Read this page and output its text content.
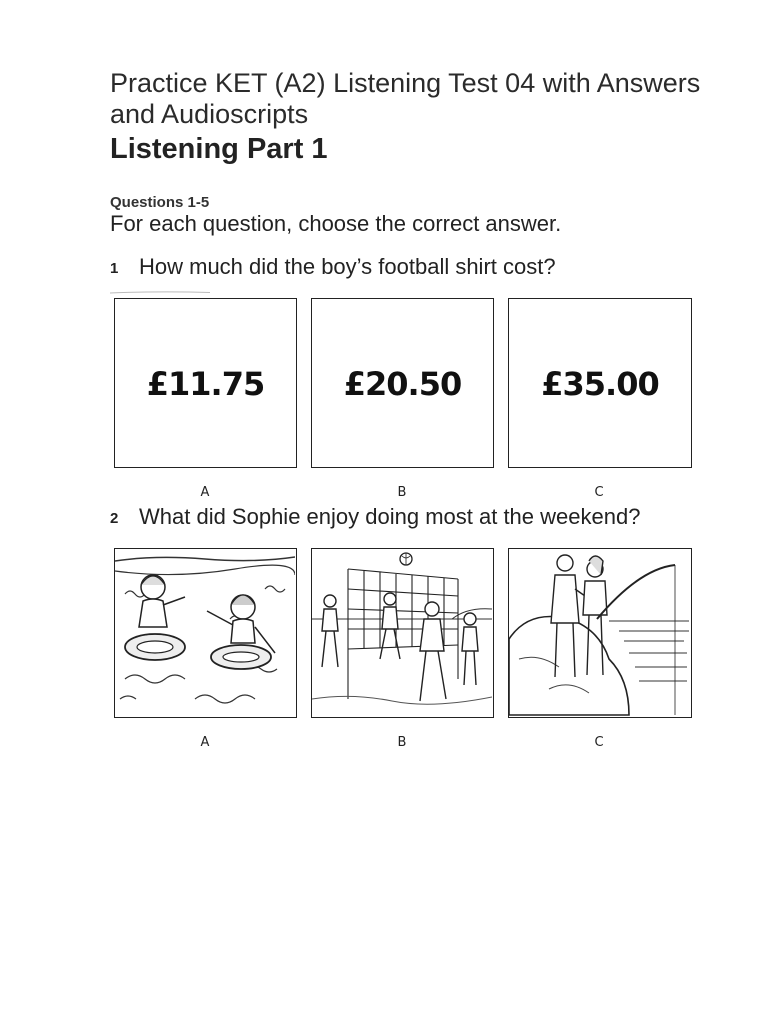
Practice KET (A2) Listening Test 04 with Answers and Audioscripts
Listening Part 1
Questions 1-5
For each question, choose the correct answer.
1 How much did the boy’s football shirt cost?
£11.75	£20.50	£35.00
A	B	C
2 What did Sophie enjoy doing most at the weekend?
A	B	C
